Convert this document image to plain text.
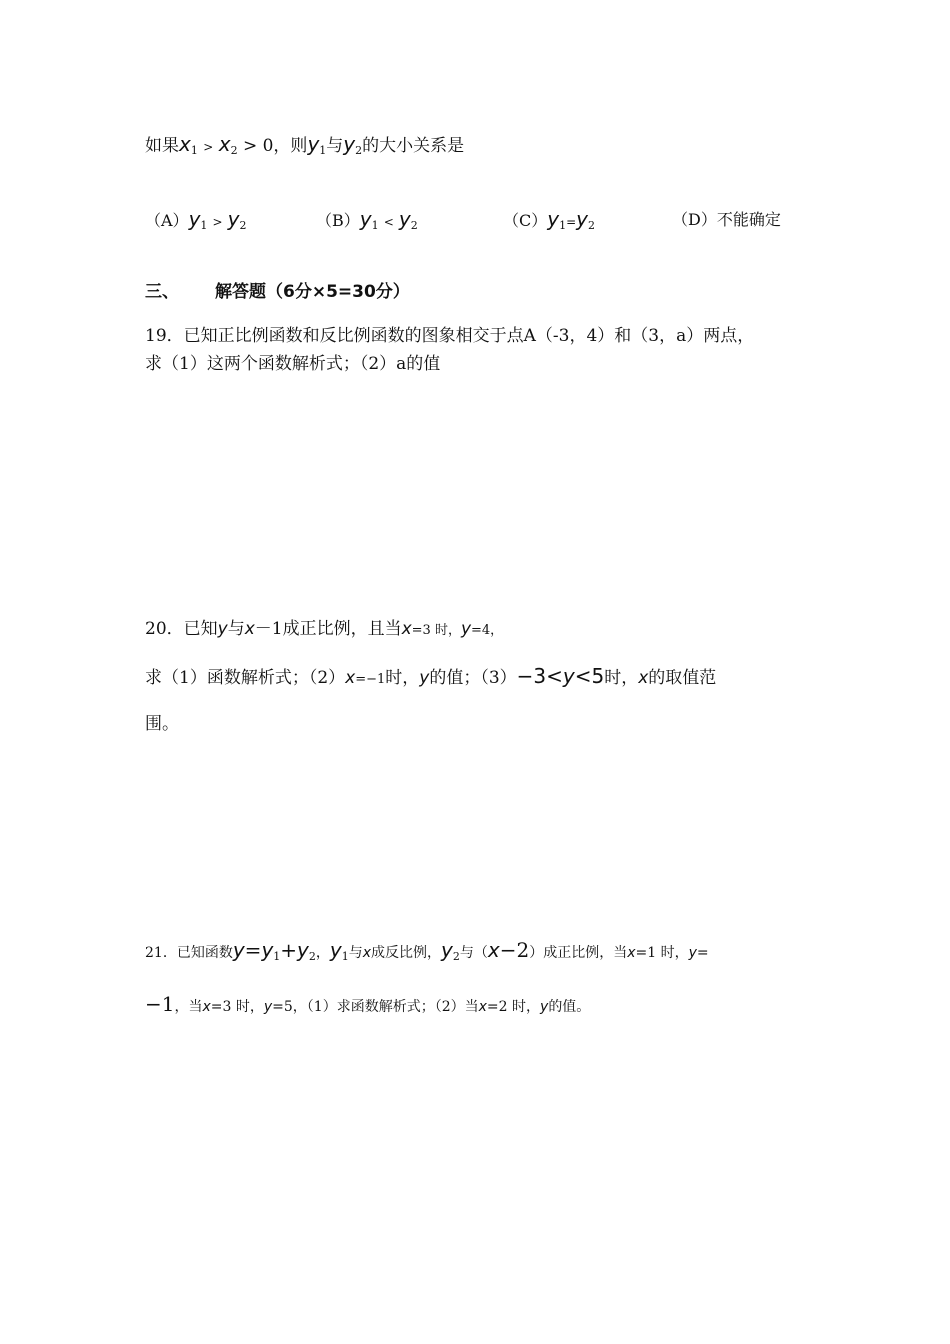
如果$x_1 > x_2 > 0$，则$y_1$与$y_2$的大小关系是
$(A)y_1 > y_2$	$(B)y_1 < y_2$	$(C)y_1=y_2$	（D）不能确定
三、 解答题（6分×5=30分）
19．已知正比例函数和反比例函数的图象相交于点A（-3，4）和（3，a）两点，
求（1）这两个函数解析式；（2）a的值
20．已知y与x－1成正比例，且当x=3 时，y=4，
求（1）函数解析式；（2）x=−1时，y的值；（3）−3<y<5时，x的取值范
围。
21．已知函数$y=y_1+y_2$，$y_1$与x成反比例，$y_2$与（x−2）成正比例，当x=1 时，y=
−1，当x=3 时，y=5，（1）求函数解析式；（2）当x=2 时，y的值。
